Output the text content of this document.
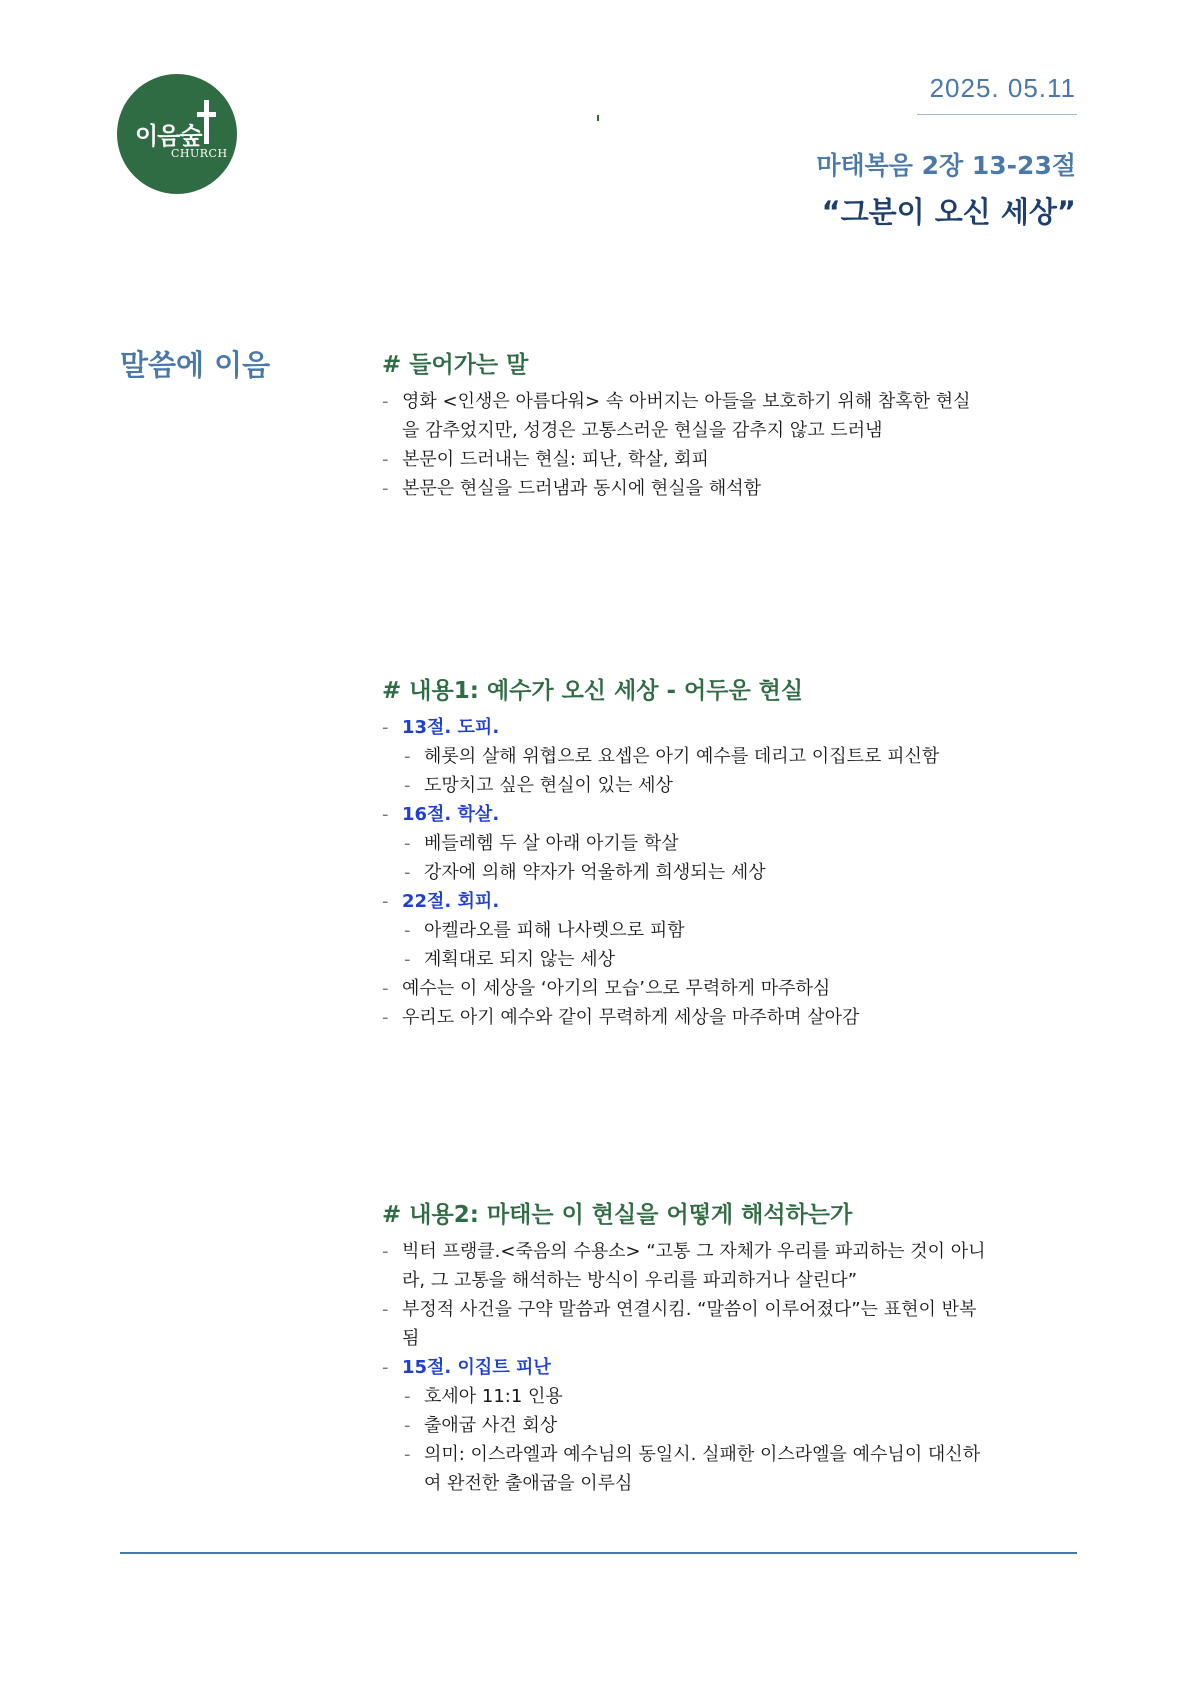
이음숲
CHURCH
2025. 05.11
마태복음 2장 13-23절
“그분이 오신 세상”
말씀에 이음	# 들어가는 말
- 영화 <인생은 아름다워> 속 아버지는 아들을 보호하기 위해 참혹한 현실을 감추었지만, 성경은 고통스러운 현실을 감추지 않고 드러냄
- 본문이 드러내는 현실: 피난, 학살, 회피
- 본문은 현실을 드러냄과 동시에 현실을 해석함
# 내용1: 예수가 오신 세상 - 어두운 현실
- 13절. 도피.
- 헤롯의 살해 위협으로 요셉은 아기 예수를 데리고 이집트로 피신함
- 도망치고 싶은 현실이 있는 세상
- 16절. 학살.
- 베들레헴 두 살 아래 아기들 학살
- 강자에 의해 약자가 억울하게 희생되는 세상
- 22절. 회피.
- 아켈라오를 피해 나사렛으로 피함
- 계획대로 되지 않는 세상
- 예수는 이 세상을 ‘아기의 모습’으로 무력하게 마주하심
- 우리도 아기 예수와 같이 무력하게 세상을 마주하며 살아감
# 내용2: 마태는 이 현실을 어떻게 해석하는가
- 빅터 프랭클.<죽음의 수용소> “고통 그 자체가 우리를 파괴하는 것이 아니라, 그 고통을 해석하는 방식이 우리를 파괴하거나 살린다”
- 부정적 사건을 구약 말씀과 연결시킴. “말씀이 이루어졌다”는 표현이 반복됨
- 15절. 이집트 피난
- 호세아 11:1 인용
- 출애굽 사건 회상
- 의미: 이스라엘과 예수님의 동일시. 실패한 이스라엘을 예수님이 대신하여 완전한 출애굽을 이루심
